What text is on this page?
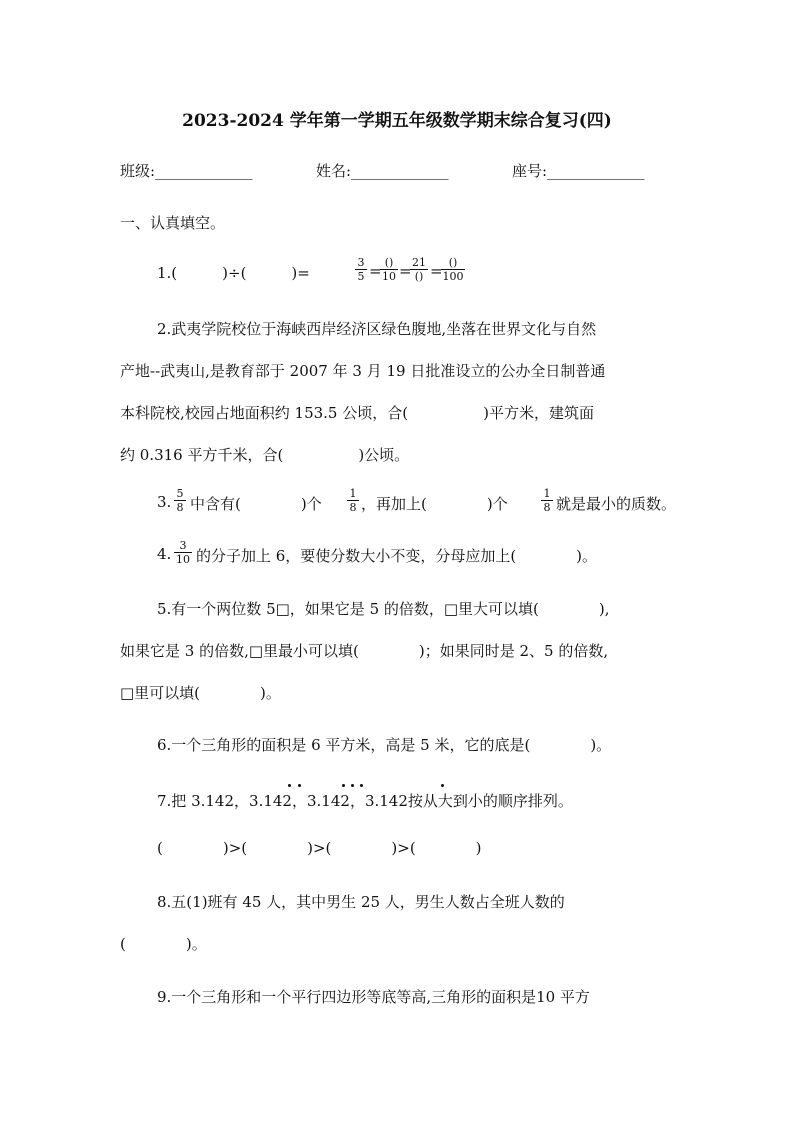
2023-2024 学年第一学期五年级数学期末综合复习(四)
班级:_____________	姓名:_____________	座号:_____________
一、认真填空。
1.(　　　)÷(　　　)=	$\frac{3}{5}$ = ()
10 = 21
() = ()
100
2.武夷学院校位于海峡西岸经济区绿色腹地,坐落在世界文化与自然
产地--武夷山,是教育部于 2007 年 3 月 19 日批准设立的公办全日制普通
本科院校,校园占地面积约 153.5 公顷，合(　　　　　)平方米，建筑面
约 0.316 平方千米，合(　　　　　)公顷。
3. $\frac{5}{8}$ 中含有(　　　　)个 $\frac{1}{8}$ ，再加上(　　　　)个	$\frac{1}{8}$ 就是最小的质数。
4. $\frac{3}{10}$ 的分子加上 6，要使分数大小不变，分母应加上(　　　　)。
5.有一个两位数 5□，如果它是 5 的倍数，□里大可以填(　　　　),
如果它是 3 的倍数,□里最小可以填(　　　　)；如果同时是 2、5 的倍数,
□里可以填(　　　　)。
6.一个三角形的面积是 6 平方米，高是 5 米，它的底是(　　　　)。
7.把 3.142，3.142，3.142，3.142按从大到小的顺序排列。
(　　　　)>(　　　　)>(　　　　)>(　　　　)
8.五(1)班有 45 人，其中男生 25 人，男生人数占全班人数的
(　　　　)。
9.一个三角形和一个平行四边形等底等高,三角形的面积是10 平方
